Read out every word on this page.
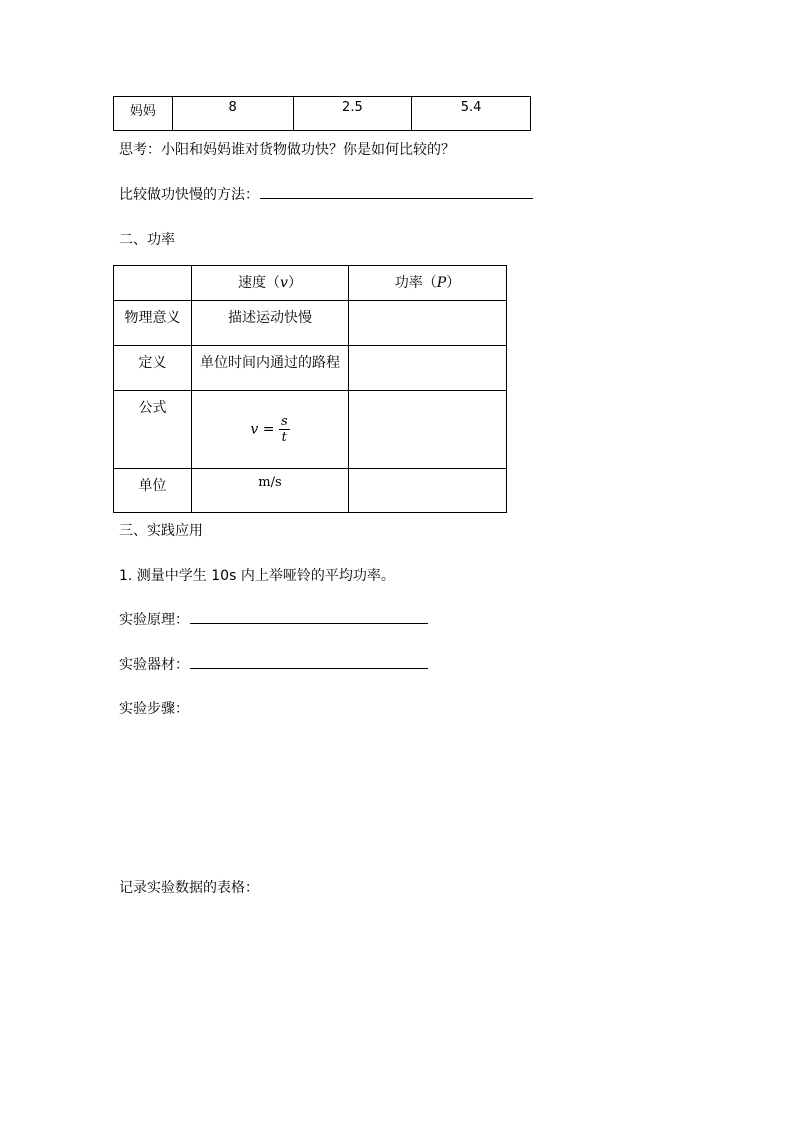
妈妈	8	2.5	5.4
思考：小阳和妈妈谁对货物做功快？你是如何比较的？
比较做功快慢的方法：
二、功率
	速度（v）	功率（P）
物理意义	描述运动快慢	
定义	单位时间内通过的路程	
公式	$v = \frac{s}{t}$

单位	m/s	
三、实践应用
1. 测量中学生 10s 内上举哑铃的平均功率。
实验原理：
实验器材：
实验步骤：
记录实验数据的表格：
